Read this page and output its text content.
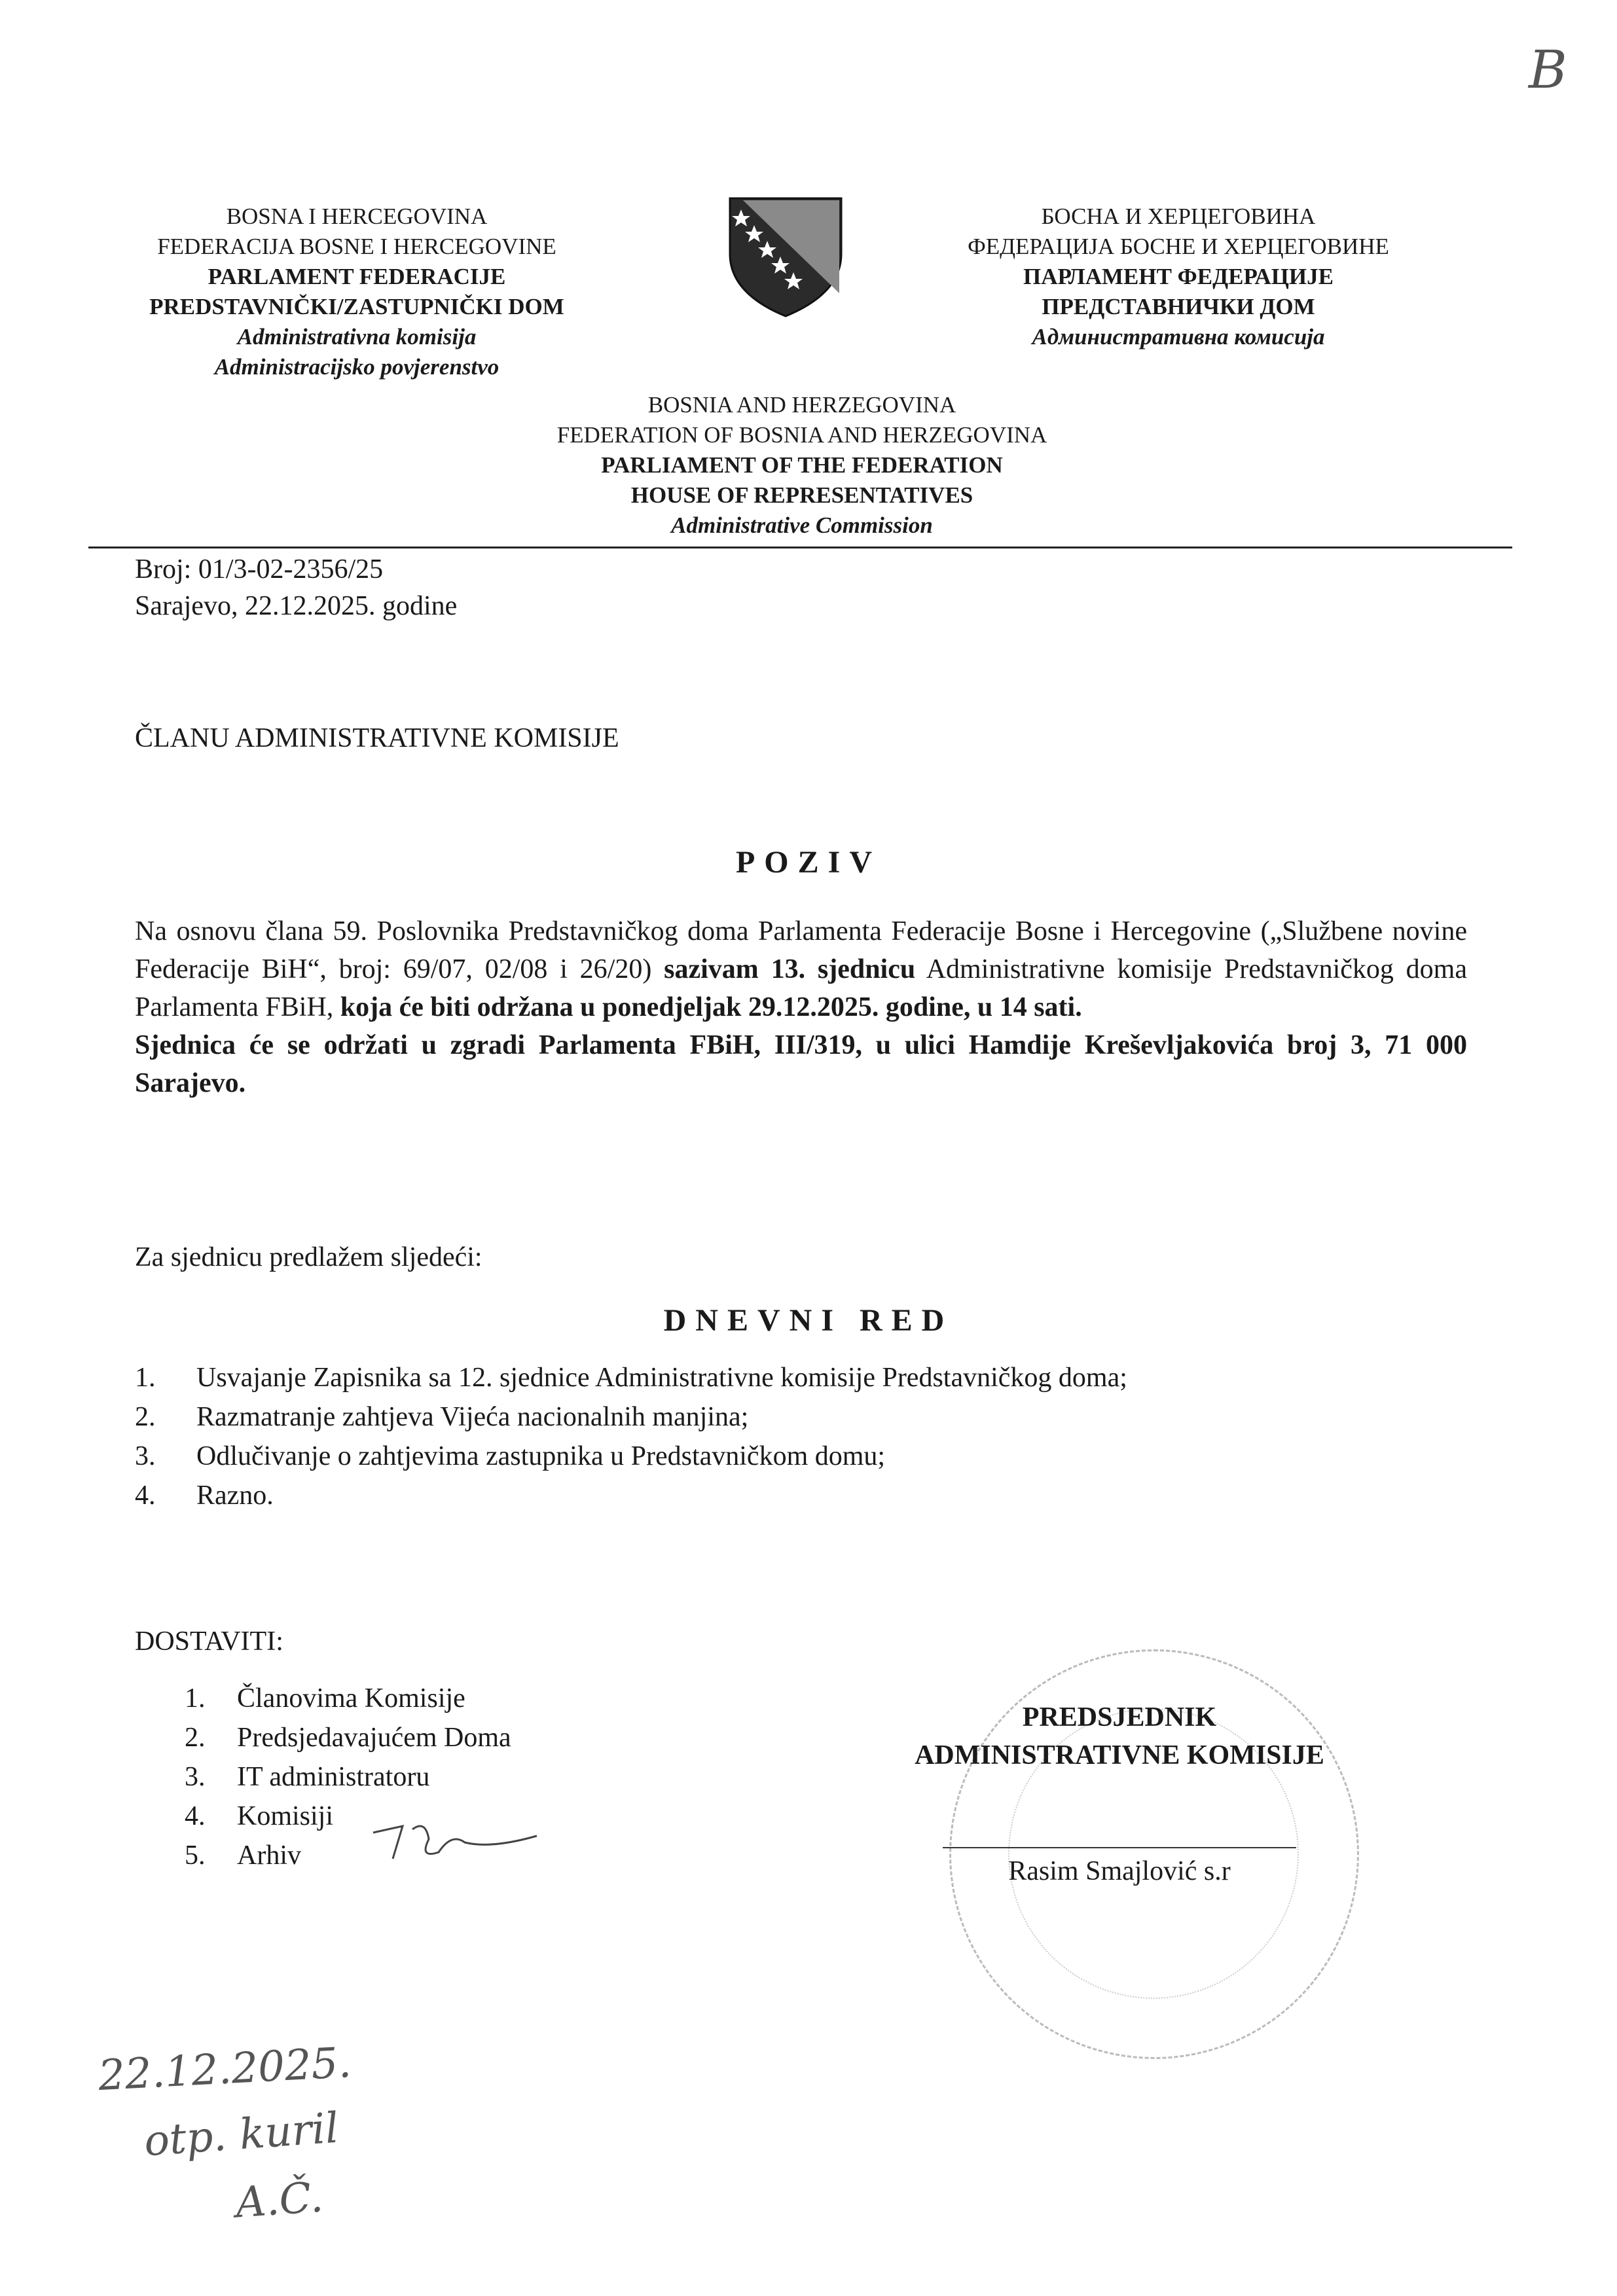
B
BOSNA I HERCEGOVINA
FEDERACIJA BOSNE I HERCEGOVINE
PARLAMENT FEDERACIJE
PREDSTAVNIČKI/ZASTUPNIČKI DOM
Administrativna komisija
Administracijsko povjerenstvo
БОСНА И ХЕРЦЕГОВИНА
ФЕДЕРАЦИЈА БОСНЕ И ХЕРЦЕГОВИНЕ
ПАРЛАМЕНТ ФЕДЕРАЦИЈЕ
ПРЕДСТАВНИЧКИ ДОМ
Административна комисија
BOSNIA AND HERZEGOVINA
FEDERATION OF BOSNIA AND HERZEGOVINA
PARLIAMENT OF THE FEDERATION
HOUSE OF REPRESENTATIVES
Administrative Commission
Broj: 01/3-02-2356/25
Sarajevo, 22.12.2025. godine
ČLANU ADMINISTRATIVNE KOMISIJE
POZIV
Na osnovu člana 59. Poslovnika Predstavničkog doma Parlamenta Federacije Bosne i Hercegovine („Službene novine Federacije BiH“, broj: 69/07, 02/08 i 26/20) sazivam 13. sjednicu Administrativne komisije Predstavničkog doma Parlamenta FBiH, koja će biti održana u ponedjeljak 29.12.2025. godine, u 14 sati.
Sjednica će se održati u zgradi Parlamenta FBiH, III/319, u ulici Hamdije Kreševljakovića broj 3, 71 000 Sarajevo.
Za sjednicu predlažem sljedeći:
DNEVNI RED
1. Usvajanje Zapisnika sa 12. sjednice Administrativne komisije Predstavničkog doma;
2. Razmatranje zahtjeva Vijeća nacionalnih manjina;
3. Odlučivanje o zahtjevima zastupnika u Predstavničkom domu;
4. Razno.
DOSTAVITI:
1. Članovima Komisije
2. Predsjedavajućem Doma
3. IT administratoru
4. Komisiji
5. Arhiv
PREDSJEDNIK
ADMINISTRATIVNE KOMISIJE
Rasim Smajlović s.r
22.12.2025.
otp. kuril
A.Č.
